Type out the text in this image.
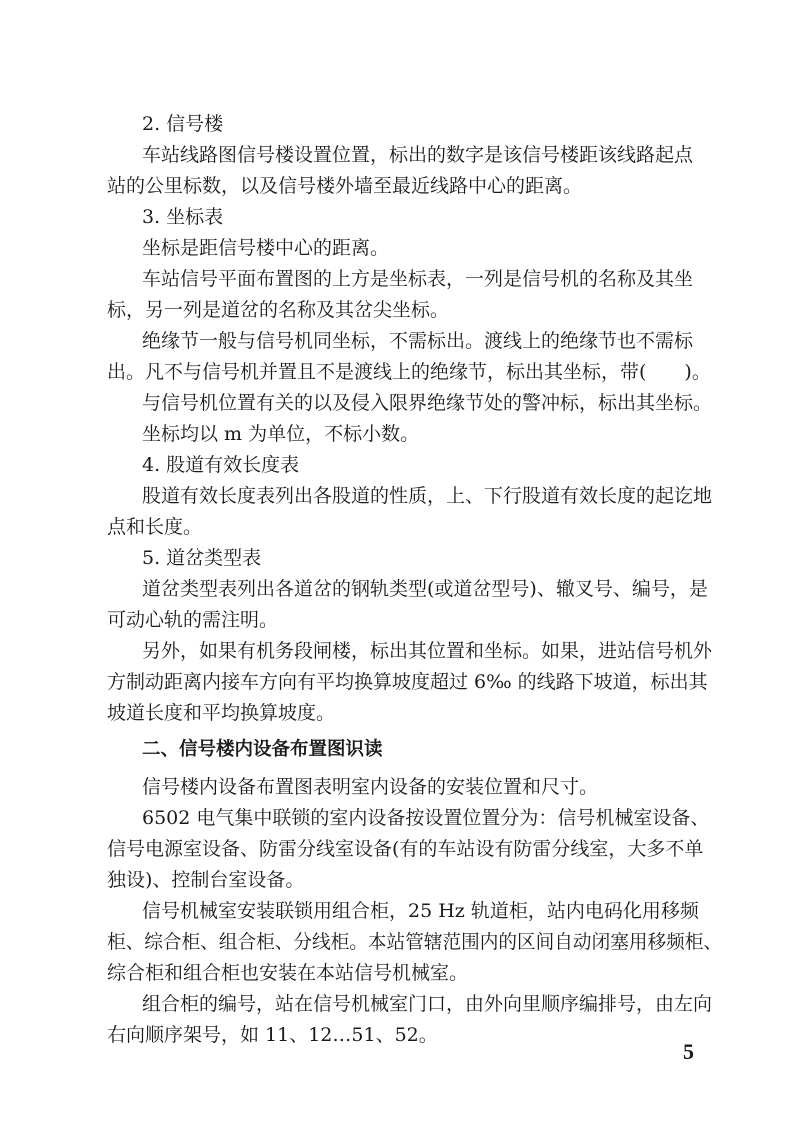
2. 信号楼
车站线路图信号楼设置位置，标出的数字是该信号楼距该线路起点
站的公里标数，以及信号楼外墙至最近线路中心的距离。
3. 坐标表
坐标是距信号楼中心的距离。
车站信号平面布置图的上方是坐标表，一列是信号机的名称及其坐
标，另一列是道岔的名称及其岔尖坐标。
绝缘节一般与信号机同坐标，不需标出。渡线上的绝缘节也不需标
出。凡不与信号机并置且不是渡线上的绝缘节，标出其坐标，带(　　)。
与信号机位置有关的以及侵入限界绝缘节处的警冲标，标出其坐标。
坐标均以 m 为单位，不标小数。
4. 股道有效长度表
股道有效长度表列出各股道的性质，上、下行股道有效长度的起讫地
点和长度。
5. 道岔类型表
道岔类型表列出各道岔的钢轨类型(或道岔型号)、辙叉号、编号，是
可动心轨的需注明。
另外，如果有机务段闸楼，标出其位置和坐标。如果，进站信号机外
方制动距离内接车方向有平均换算坡度超过 6‰ 的线路下坡道，标出其
坡道长度和平均换算坡度。
二、信号楼内设备布置图识读
信号楼内设备布置图表明室内设备的安装位置和尺寸。
6502 电气集中联锁的室内设备按设置位置分为：信号机械室设备、
信号电源室设备、防雷分线室设备(有的车站设有防雷分线室，大多不单
独设)、控制台室设备。
信号机械室安装联锁用组合柜，25 Hz 轨道柜，站内电码化用移频
柜、综合柜、组合柜、分线柜。本站管辖范围内的区间自动闭塞用移频柜、
综合柜和组合柜也安装在本站信号机械室。
组合柜的编号，站在信号机械室门口，由外向里顺序编排号，由左向
右向顺序架号，如 11、12…51、52。
5
